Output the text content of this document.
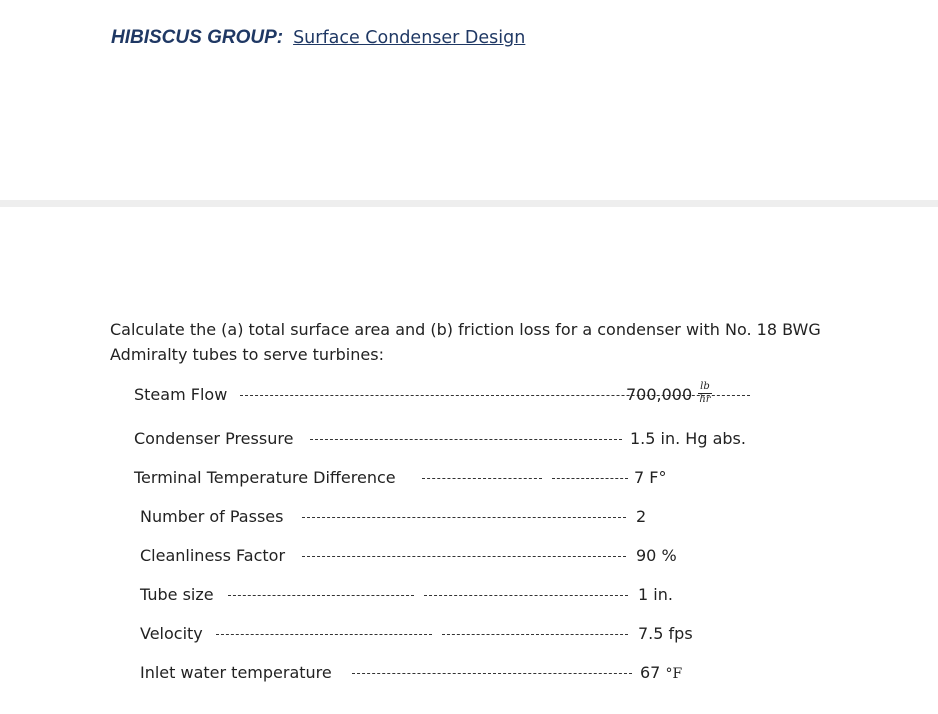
HIBISCUS GROUP: Surface Condenser Design
Calculate the (a) total surface area and (b) friction loss for a condenser with No. 18 BWG Admiralty tubes to serve turbines:
Steam Flow	$700,000 \frac{lb}{hr}$
Condenser Pressure	1.5 in. Hg abs.
Terminal Temperature Difference	7 F°
Number of Passes	2
Cleanliness Factor	90 %
Tube size	1 in.
Velocity	7.5 fps
Inlet water temperature	67 °F
